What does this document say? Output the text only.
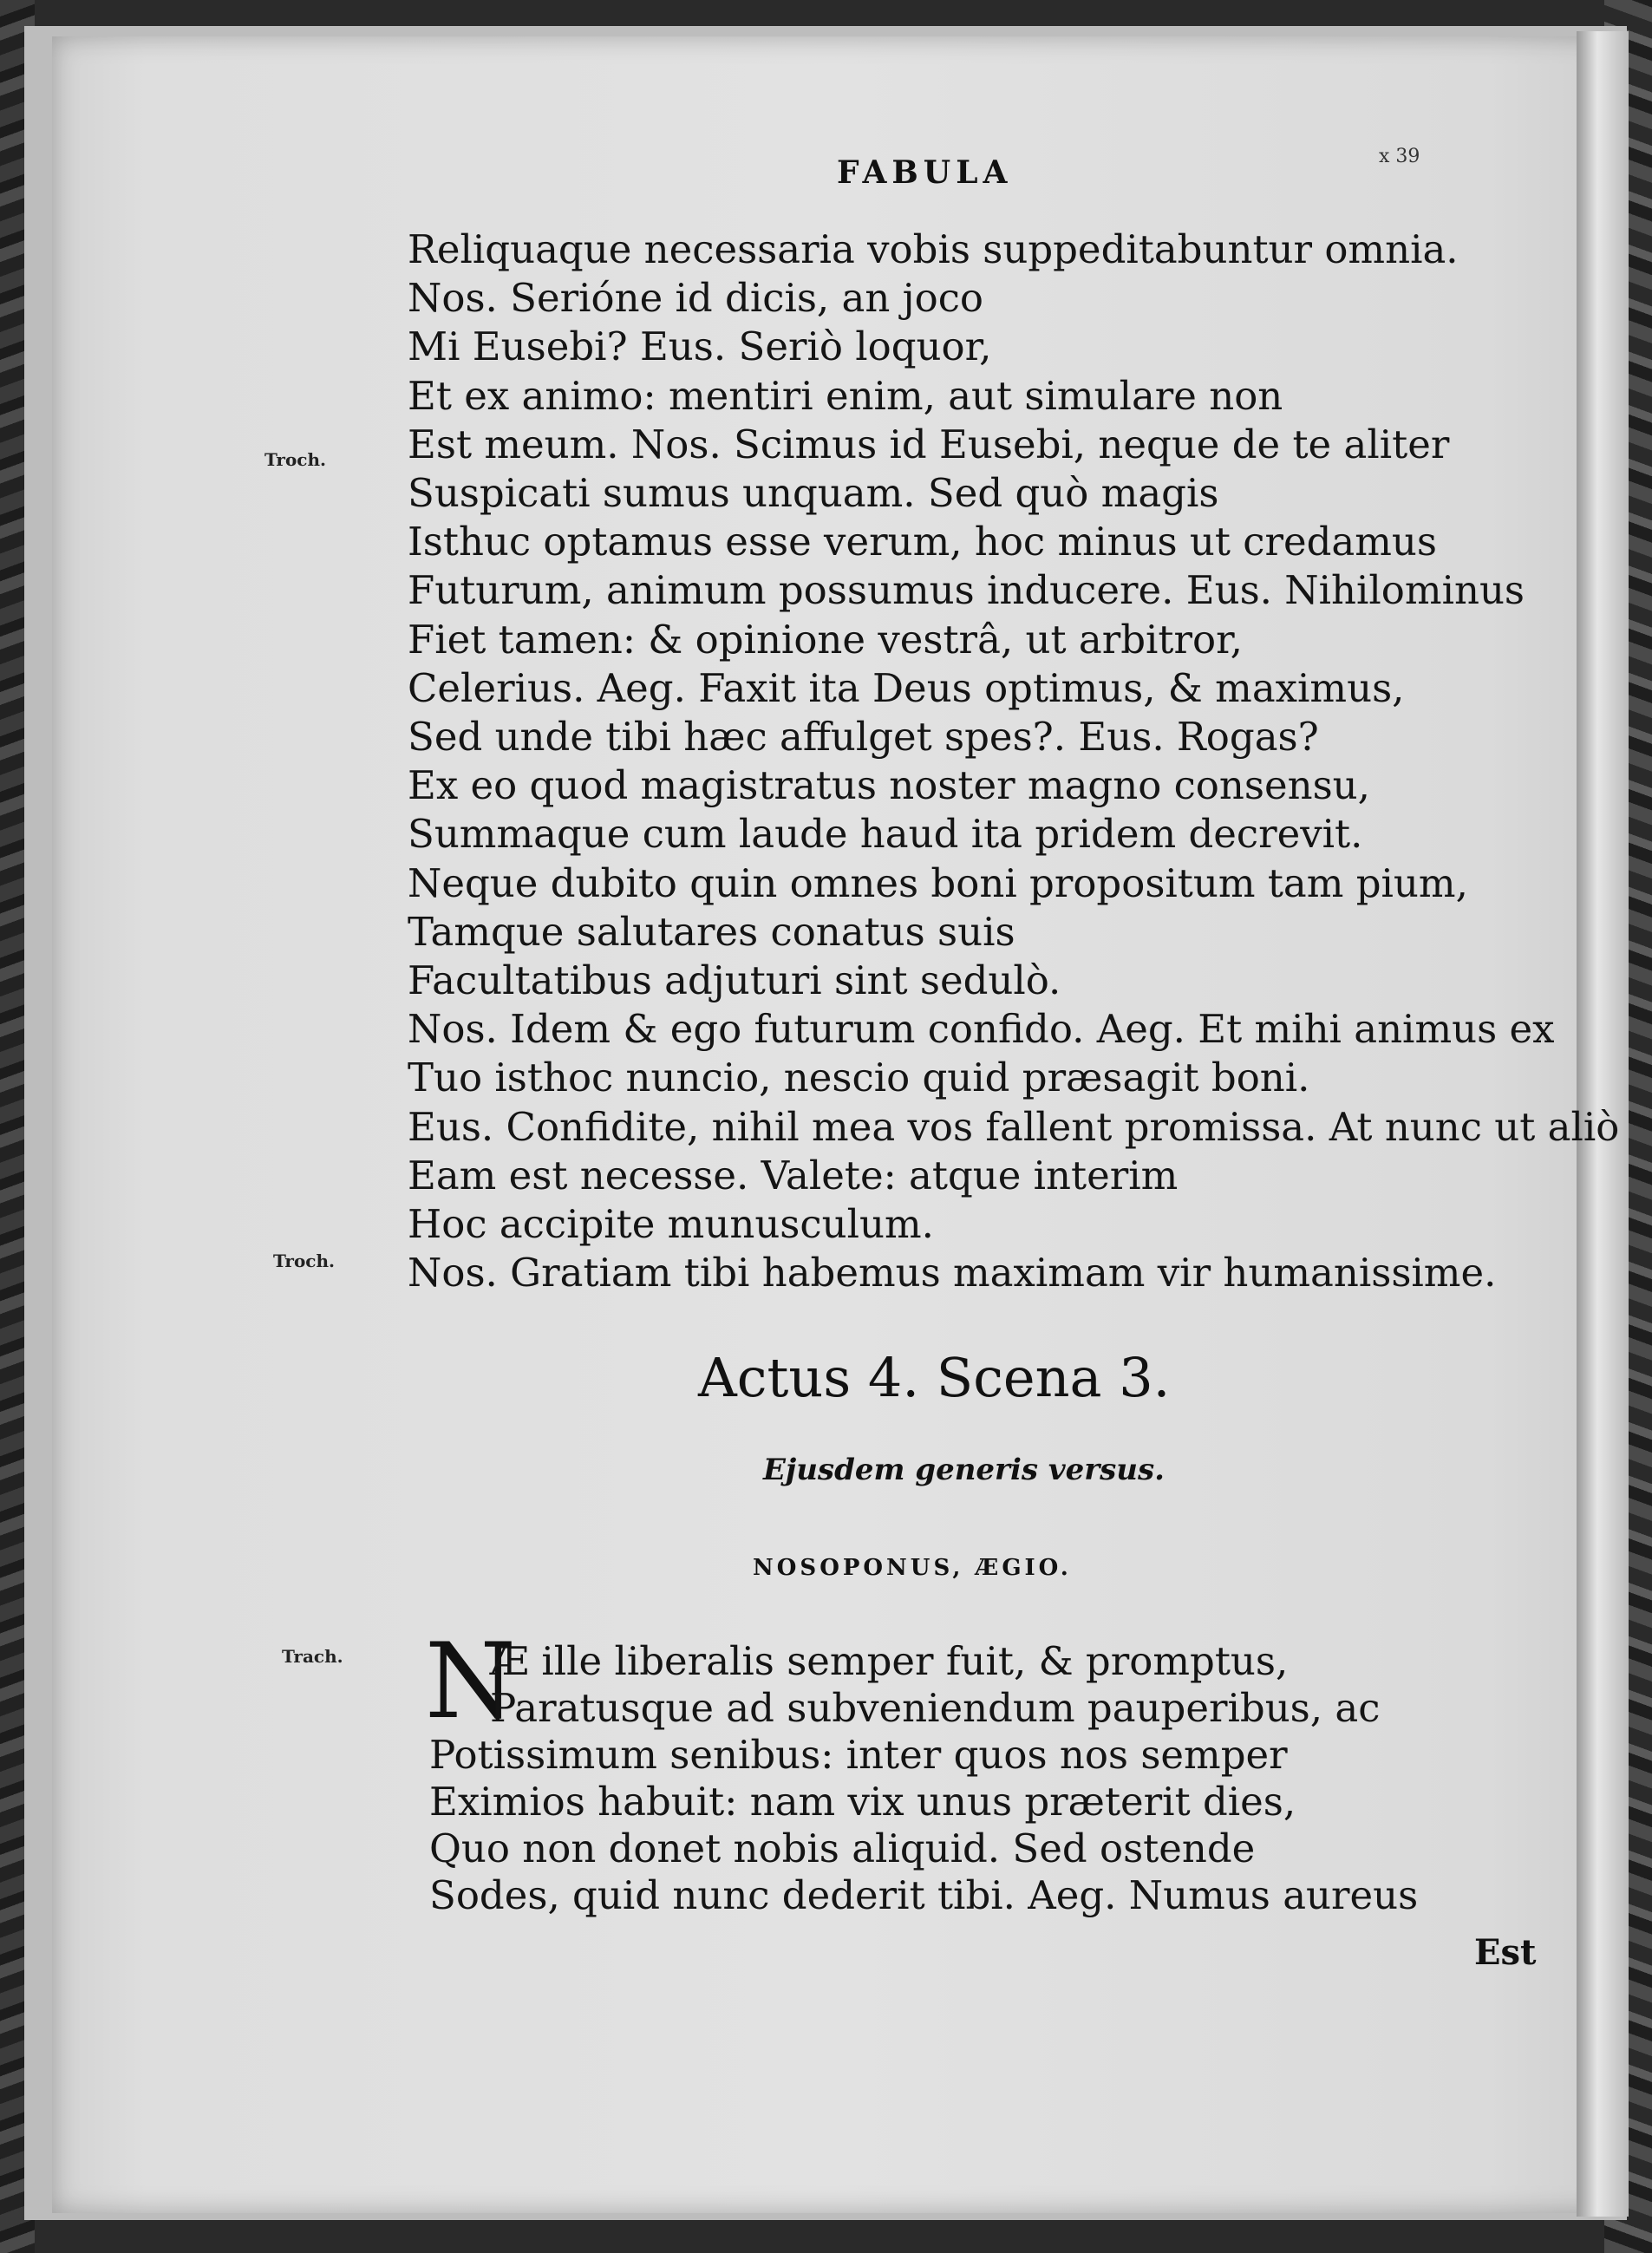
FABULA	x 39
Troch.
Troch.
Trach.
Reliquaque necessaria vobis suppeditabuntur omnia.
Nos. Serióne id dicis, an joco
Mi Eusebi? Eus. Seriò loquor,
Et ex animo: mentiri enim, aut simulare non
Est meum. Nos. Scimus id Eusebi, neque de te aliter
Suspicati sumus unquam. Sed quò magis
Isthuc optamus esse verum, hoc minus ut credamus
Futurum, animum possumus inducere. Eus. Nihilominus
Fiet tamen: & opinione vestrâ, ut arbitror,
Celerius. Aeg. Faxit ita Deus optimus, & maximus,
Sed unde tibi hæc affulget spes?. Eus. Rogas?
Ex eo quod magistratus noster magno consensu,
Summaque cum laude haud ita pridem decrevit.
Neque dubito quin omnes boni propositum tam pium,
Tamque salutares conatus suis
Facultatibus adjuturi sint sedulò.
Nos. Idem & ego futurum confido. Aeg. Et mihi animus ex
Tuo isthoc nuncio, nescio quid præsagit boni.
Eus. Confidite, nihil mea vos fallent promissa. At nunc ut aliò
Eam est necesse. Valete: atque interim
Hoc accipite munusculum.
Nos. Gratiam tibi habemus maximam vir humanissime.
Actus 4. Scena 3.
Ejusdem generis versus.
NOSOPONUS, ÆGIO.
N
Æ ille liberalis semper fuit, & promptus,
Paratusque ad subveniendum pauperibus, ac
Potissimum senibus: inter quos nos semper
Eximios habuit: nam vix unus præterit dies,
Quo non donet nobis aliquid. Sed ostende
Sodes, quid nunc dederit tibi. Aeg. Numus aureus
Est
